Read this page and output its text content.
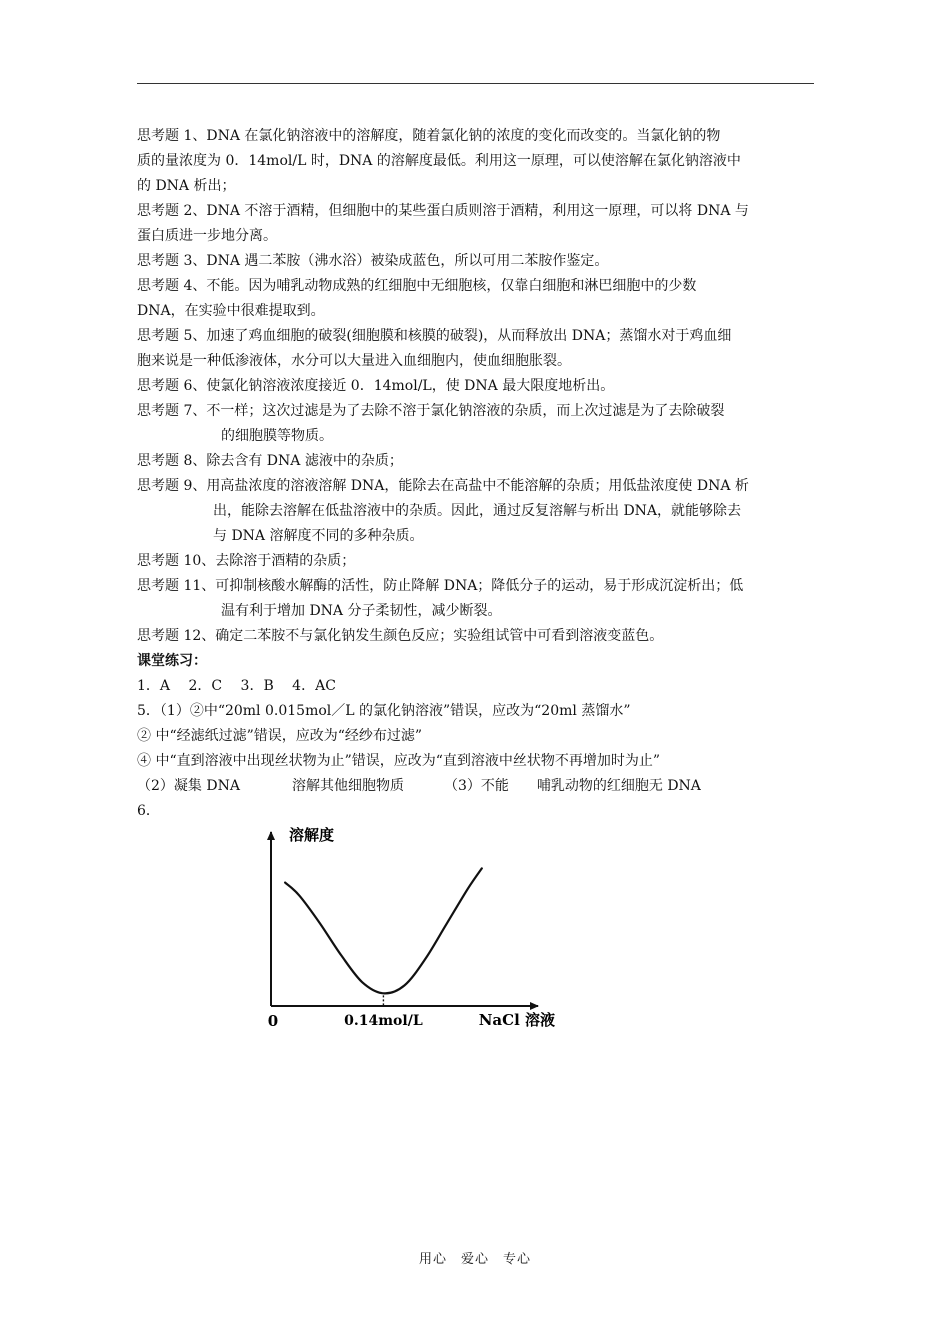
思考题 1、DNA 在氯化钠溶液中的溶解度，随着氯化钠的浓度的变化而改变的。当氯化钠的物

质的量浓度为 0．14mol/L 时，DNA 的溶解度最低。利用这一原理，可以使溶解在氯化钠溶液中

的 DNA 析出；

思考题 2、DNA 不溶于酒精，但细胞中的某些蛋白质则溶于酒精，利用这一原理，可以将 DNA 与

蛋白质进一步地分离。

思考题 3、DNA 遇二苯胺（沸水浴）被染成蓝色，所以可用二苯胺作鉴定。

思考题 4、不能。因为哺乳动物成熟的红细胞中无细胞核，仅靠白细胞和淋巴细胞中的少数

DNA，在实验中很难提取到。

思考题 5、加速了鸡血细胞的破裂(细胞膜和核膜的破裂)，从而释放出 DNA；蒸馏水对于鸡血细

胞来说是一种低渗液体，水分可以大量进入血细胞内，使血细胞胀裂。

思考题 6、使氯化钠溶液浓度接近 0．14mol/L，使 DNA 最大限度地析出。

思考题 7、不一样；这次过滤是为了去除不溶于氯化钠溶液的杂质，而上次过滤是为了去除破裂

的细胞膜等物质。

思考题 8、除去含有 DNA 滤液中的杂质；

思考题 9、用高盐浓度的溶液溶解 DNA，能除去在高盐中不能溶解的杂质；用低盐浓度使 DNA 析

出，能除去溶解在低盐溶液中的杂质。因此，通过反复溶解与析出 DNA，就能够除去

与 DNA 溶解度不同的多种杂质。

思考题 10、去除溶于酒精的杂质；

思考题 11、可抑制核酸水解酶的活性，防止降解 DNA；降低分子的运动，易于形成沉淀析出；低

温有利于增加 DNA 分子柔韧性，减少断裂。

思考题 12、确定二苯胺不与氯化钠发生颜色反应；实验组试管中可看到溶液变蓝色。

课堂练习：

1．A　 2．C　 3．B　 4．AC

5．（1）②中“20ml 0.015mol／L 的氯化钠溶液”错误，应改为“20ml 蒸馏水”

② 中“经滤纸过滤”错误，应改为“经纱布过滤”

④ 中“直到溶液中出现丝状物为止”错误，应改为“直到溶液中丝状物不再增加时为止”

（2）凝集 DNA	溶解其他细胞物质	（3）不能 哺乳动物的红细胞无 DNA

6．

溶解度
0	0.14mol/L	NaCl 溶液
用心　爱心　专心
